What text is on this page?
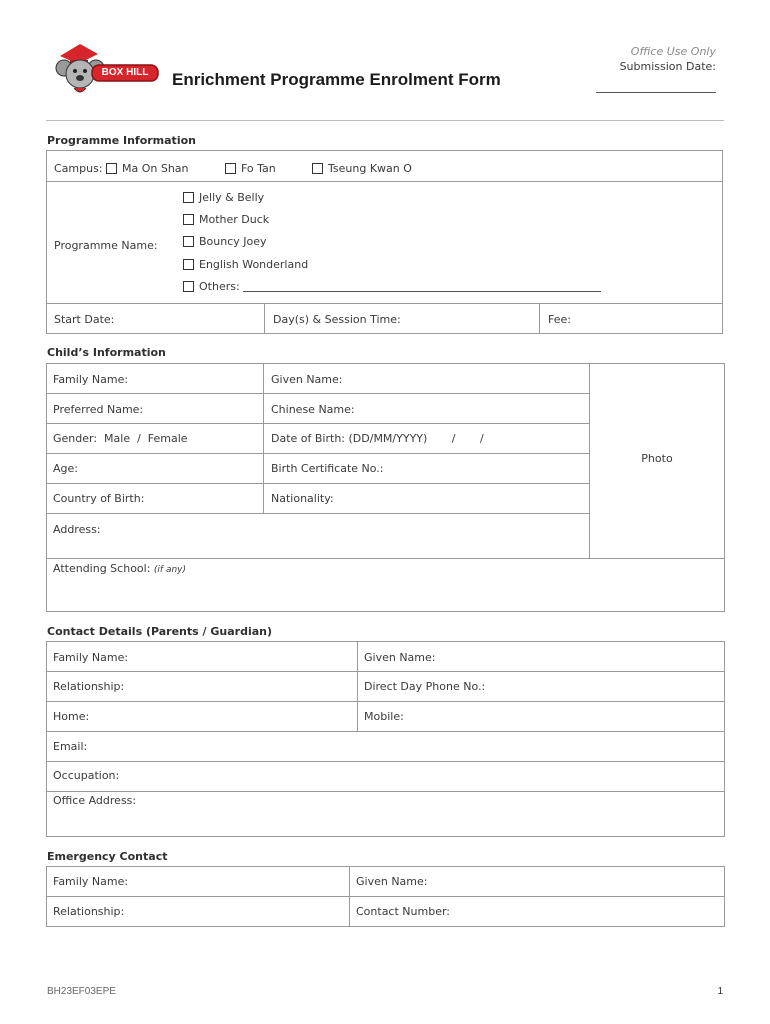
BOX HILL	Enrichment Programme Enrolment Form
Office Use Only
Submission Date:
Programme Information
Campus:	Ma On Shan	Fo Tan	Tseung Kwan O
Programme Name:
Jelly & Belly
Mother Duck
Bouncy Joey
English Wonderland
Others:
Start Date:	Day(s) & Session Time:	Fee:
Child’s Information
Family Name:	Given Name:
Preferred Name:	Chinese Name:
Gender:  Male  /  Female	Date of Birth: (DD/MM/YYYY)       /       /
Age:	Birth Certificate No.:
Country of Birth:	Nationality:
Address:
Photo
Attending School: (if any)
Contact Details (Parents / Guardian)
Family Name:	Given Name:
Relationship:	Direct Day Phone No.:
Home:	Mobile:
Email:
Occupation:
Office Address:
Emergency Contact
Family Name:	Given Name:
Relationship:	Contact Number:
BH23EF03EPE	1
